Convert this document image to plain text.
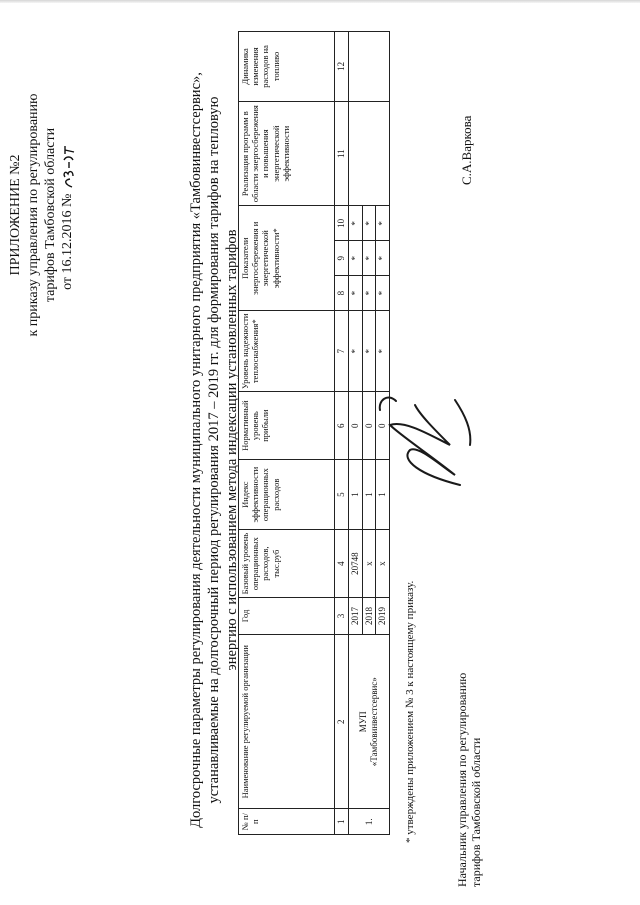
ПРИЛОЖЕНИЕ №2 к приказу управления по регулированию тарифов Тамбовской области от 16.12.2016 №	Долгосрочные параметры регулирования деятельности муниципального унитарного предприятия «Тамбовинвестсервис», устанавливаемые на долгосрочный период регулирования 2017 – 2019 гг. для формирования тарифов на тепловую энергию с использованием метода индексации установленных тарифов
№ п/п	Наименование регулируемой организации	Год	Базовый уровень операционных расходов, тыс.руб	Индекс эффективности операционных расходов	Нормативный уровень прибыли	Уровень надежности теплоснабжения*	Показатели энергосбережения и энергетической эффективности*			Реализация программ в области энергосбережения и повышения энергетической эффективности	Динамика изменения расходов на топливо
1	2	3	4	5	6	7	8	9	10	11	12
1.	МУП «Тамбовинвестсервис»	2017	20748	1	0	*	*	*	*		
		2018	х	1	0	*	*	*	*		
		2019	х	1	0	*	*	*	*		
* утверждены приложением № 3 к настоящему приказу.	Начальник управления по регулированию тарифов Тамбовской области
С.А.Варкова
